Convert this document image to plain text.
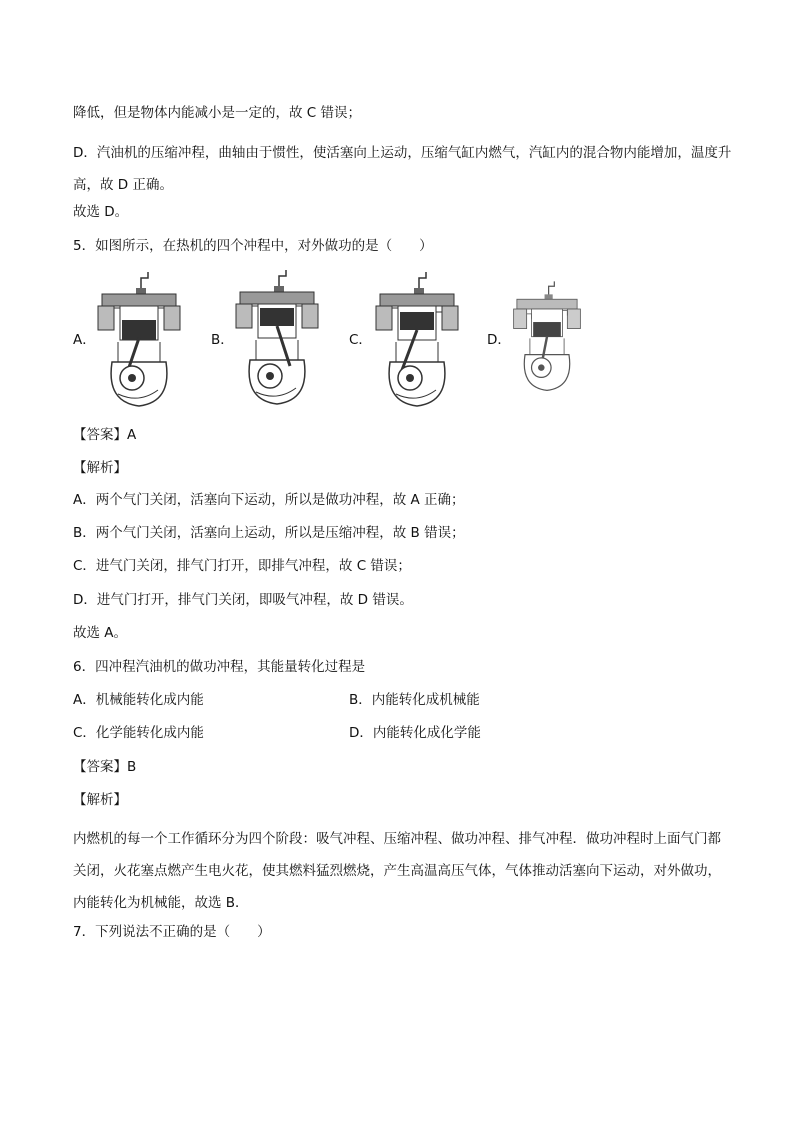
降低，但是物体内能减小是一定的，故 C 错误；
D．汽油机的压缩冲程，曲轴由于惯性，使活塞向上运动，压缩气缸内燃气，汽缸内的混合物内能增加，温度升高，故 D 正确。
故选 D。
5．如图所示，在热机的四个冲程中，对外做功的是（　　）
A．	B．	C．	D．
【答案】A
【解析】
A．两个气门关闭，活塞向下运动，所以是做功冲程，故 A 正确；
B．两个气门关闭，活塞向上运动，所以是压缩冲程，故 B 错误；
C．进气门关闭，排气门打开，即排气冲程，故 C 错误；
D．进气门打开，排气门关闭，即吸气冲程，故 D 错误。
故选 A。
6．四冲程汽油机的做功冲程，其能量转化过程是
A．机械能转化成内能	B．内能转化成机械能
C．化学能转化成内能	D．内能转化成化学能
【答案】B
【解析】
内燃机的每一个工作循环分为四个阶段：吸气冲程、压缩冲程、做功冲程、排气冲程．做功冲程时上面气门都关闭，火花塞点燃产生电火花，使其燃料猛烈燃烧，产生高温高压气体，气体推动活塞向下运动，对外做功，内能转化为机械能，故选 B．
7．下列说法不正确的是（　　）
